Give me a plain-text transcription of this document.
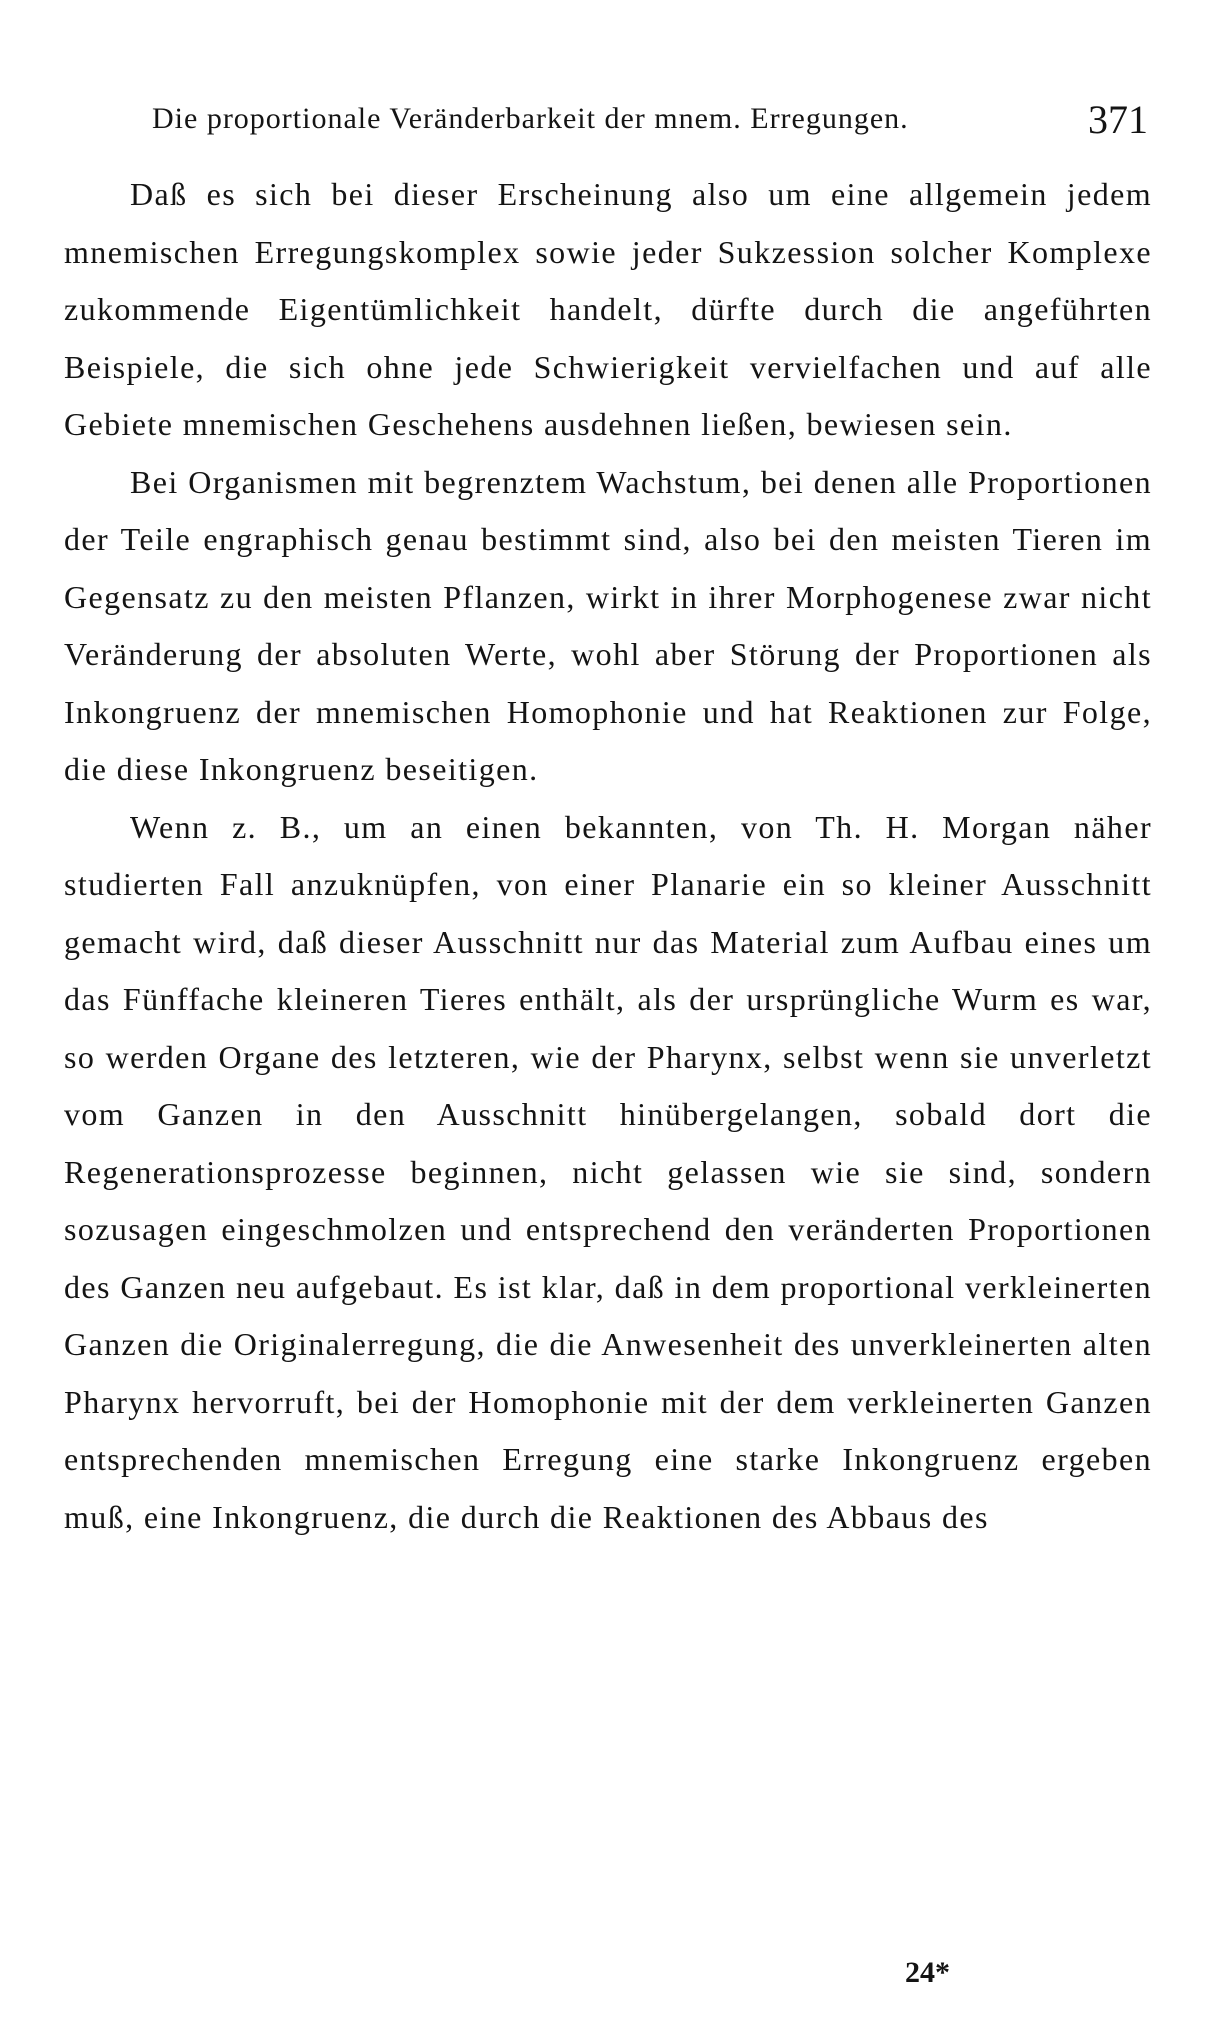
Die proportionale Veränderbarkeit der mnem. Erregungen.	371

Daß es sich bei dieser Erscheinung also um eine allgemein jedem mnemischen Erregungskomplex sowie jeder Sukzession solcher Komplexe zukommende Eigentümlichkeit handelt, dürfte durch die angeführten Beispiele, die sich ohne jede Schwierigkeit vervielfachen und auf alle Gebiete mnemischen Geschehens ausdehnen ließen, bewiesen sein.

Bei Organismen mit begrenztem Wachstum, bei denen alle Proportionen der Teile engraphisch genau bestimmt sind, also bei den meisten Tieren im Gegensatz zu den meisten Pflanzen, wirkt in ihrer Morphogenese zwar nicht Veränderung der absoluten Werte, wohl aber Störung der Proportionen als Inkongruenz der mnemischen Homophonie und hat Reaktionen zur Folge, die diese Inkongruenz beseitigen.

Wenn z. B., um an einen bekannten, von Th. H. Morgan näher studierten Fall anzuknüpfen, von einer Planarie ein so kleiner Ausschnitt gemacht wird, daß dieser Ausschnitt nur das Material zum Aufbau eines um das Fünffache kleineren Tieres enthält, als der ursprüngliche Wurm es war, so werden Organe des letzteren, wie der Pharynx, selbst wenn sie unverletzt vom Ganzen in den Ausschnitt hinübergelangen, sobald dort die Regenerationsprozesse beginnen, nicht gelassen wie sie sind, sondern sozusagen eingeschmolzen und entsprechend den veränderten Proportionen des Ganzen neu aufgebaut. Es ist klar, daß in dem proportional verkleinerten Ganzen die Originalerregung, die die Anwesenheit des unverkleinerten alten Pharynx hervorruft, bei der Homophonie mit der dem verkleinerten Ganzen entsprechenden mnemischen Erregung eine starke Inkongruenz ergeben muß, eine Inkongruenz, die durch die Reaktionen des Abbaus des

24*
